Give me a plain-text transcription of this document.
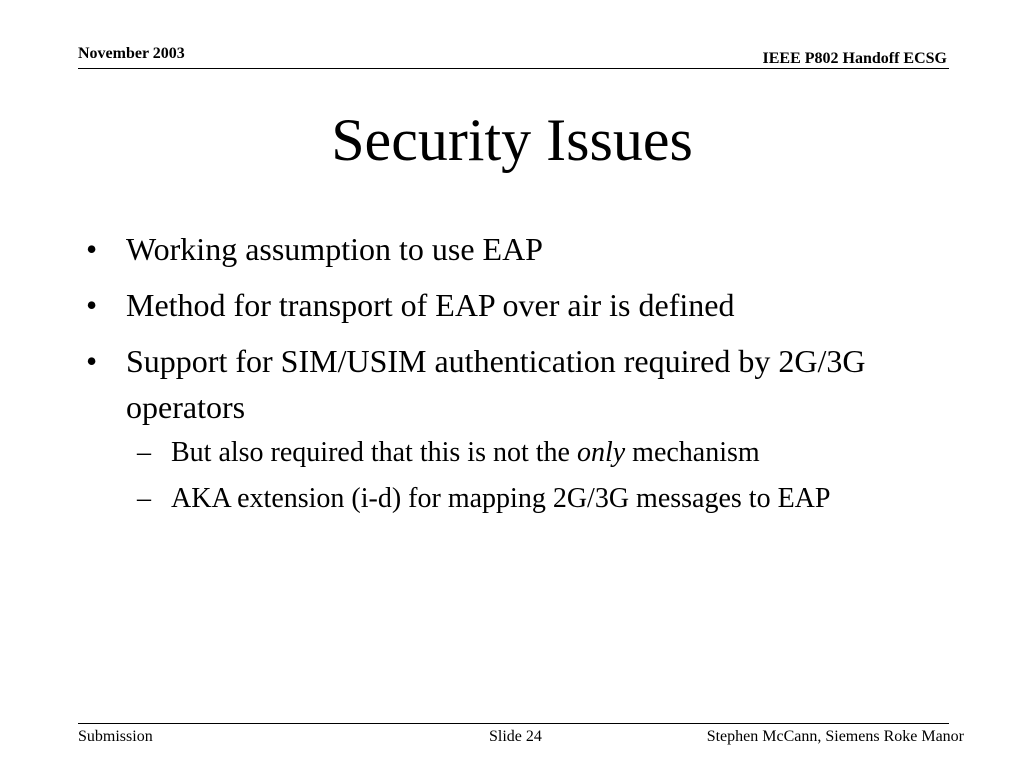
November 2003	IEEE P802 Handoff ECSG
Security Issues
• Working assumption to use EAP
• Method for transport of EAP over air is defined
• Support for SIM/USIM authentication required by 2G/3G operators
– But also required that this is not the only mechanism
– AKA extension (i-d) for mapping 2G/3G messages to EAP
Submission	Slide 24	Stephen McCann, Siemens Roke Manor
